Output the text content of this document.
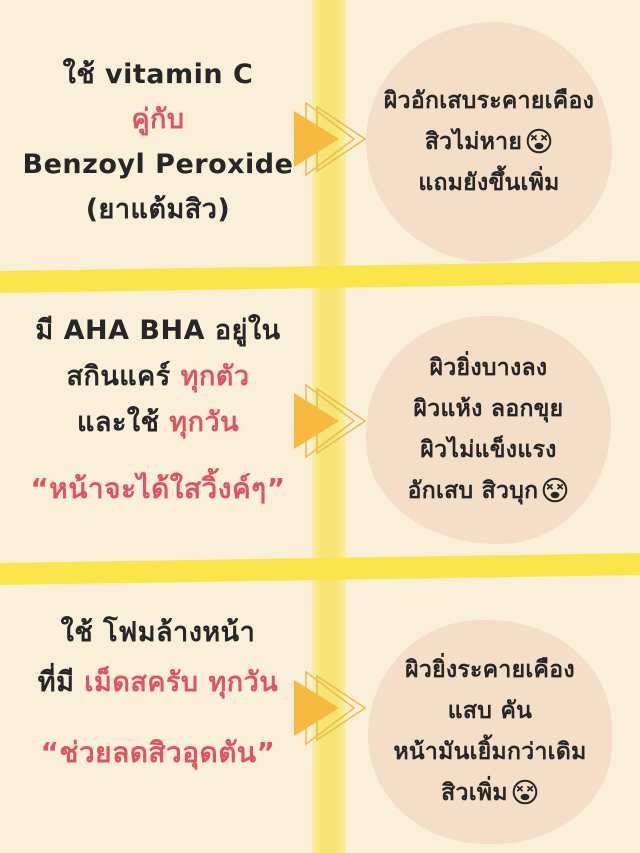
ใช้ vitamin C
คู่กับ
Benzoyl Peroxide
(ยาแต้มสิว)
ผิวอักเสบระคายเคือง
สิวไม่หาย
แถมยังขึ้นเพิ่ม
มี AHA BHA อยู่ใน
สกินแคร์ ทุกตัว
และใช้ ทุกวัน
“หน้าจะได้ใสวิ้งค์ๆ”
ผิวยิ่งบางลง
ผิวแห้ง ลอกขุย
ผิวไม่แข็งแรง
อักเสบ สิวบุก
ใช้ โฟมล้างหน้า
ที่มี เม็ดสครับ ทุกวัน
“ช่วยลดสิวอุดตัน”
ผิวยิ่งระคายเคือง
แสบ คัน
หน้ามันเยิ้มกว่าเดิม
สิวเพิ่ม
